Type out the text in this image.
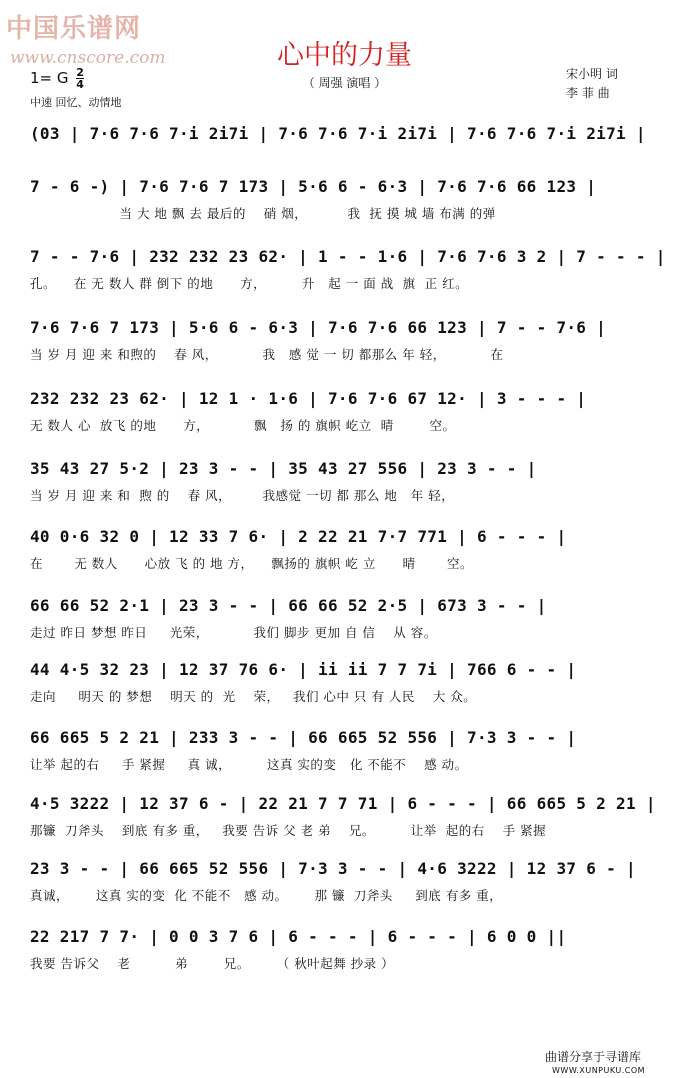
中国乐谱网
www.cnscore.com	心中的力量
（ 周强 演唱 ）
宋小明 词
李 菲 曲
1= G $\frac{2}{4}$
中速 回忆、动情地
(03 | 7·6 7·6 7·i 2i7i | 7·6 7·6 7·i 2i7i | 7·6 7·6 7·i 2i7i |
7 - 6 -) | 7·6 7·6 7 173 | 5·6 6 - 6·3 | 7·6 7·6 66 123 |
当 大 地 飘 去 最后的    硝 烟，         我  抚 摸 城 墙 布满 的弹
7 - - 7·6 | 232 232 23 62· | 1 - - 1·6 | 7·6 7·6 3 2 | 7 - - - |
孔。    在 无 数人 群 倒下 的地      方，        升   起 一 面 战  旗  正 红。
7·6 7·6 7 173 | 5·6 6 - 6·3 | 7·6 7·6 66 123 | 7 - - 7·6 |
当 岁 月 迎 来 和煦的    春 风，          我   感 觉 一 切 都那么 年 轻，          在
232 232 23 62· | 12 1 · 1·6 | 7·6 7·6 67 12· | 3 - - - |
无 数人 心  放飞 的地      方，          飘   扬 的 旗帜 屹立  晴        空。
35 43 27 5·2 | 23 3 - - | 35 43 27 556 | 23 3 - - |
当 岁 月 迎 来 和  煦 的    春 风，       我感觉 一切 都 那么 地   年 轻，
40 0·6 32 0 | 12 33 7 6· | 2 22 21 7·7 771 | 6 - - - |
在       无 数人      心放 飞 的 地 方，    飘扬的 旗帜 屹 立      晴       空。
66 66 52 2·1 | 23 3 - - | 66 66 52 2·5 | 673 3 - - |
走过 昨日 梦想 昨日     光荣，          我们 脚步 更加 自 信    从 容。
44 4·5 32 23 | 12 37 76 6· | ii ii 7 7 7i | 766 6 - - |
走向     明天 的 梦想    明天 的  光    荣，   我们 心中 只 有 人民    大 众。
66 665 5 2 21 | 233 3 - - | 66 665 52 556 | 7·3 3 - - |
让举 起的右     手 紧握     真 诚，        这真 实的变   化 不能不    感 动。
4·5 3222 | 12 37 6 - | 22 21 7 7 71 | 6 - - - | 66 665 5 2 21 |
那镰  刀斧头    到底 有多 重，   我要 告诉 父 老 弟    兄。        让举  起的右    手 紧握
23 3 - - | 66 665 52 556 | 7·3 3 - - | 4·6 3222 | 12 37 6 - |
真诚，      这真 实的变  化 不能不   感 动。      那 镰  刀斧头     到底 有多 重，
22 217 7 7· | 0 0 3 7 6 | 6 - - - | 6 - - - | 6 0 0 ||
我要 告诉父    老          弟        兄。      （ 秋叶起舞 抄录 ）
曲谱分享于寻谱库
WWW.XUNPUKU.COM
